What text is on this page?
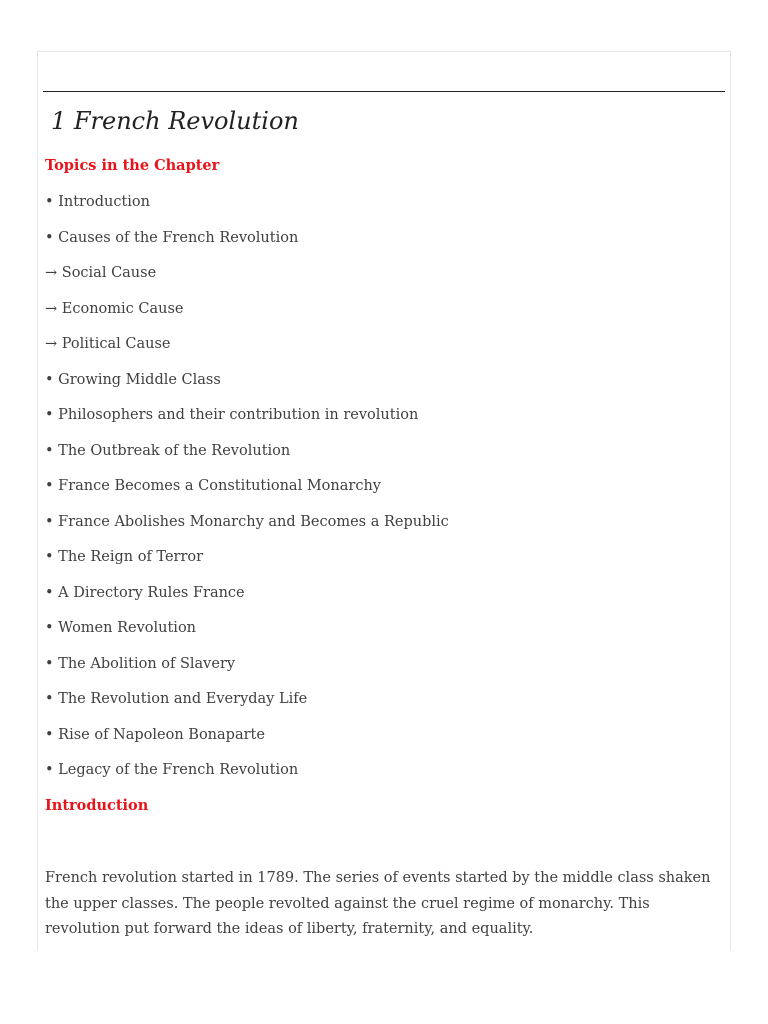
1 French Revolution
Topics in the Chapter
• Introduction
• Causes of the French Revolution
→ Social Cause
→ Economic Cause
→ Political Cause
• Growing Middle Class
• Philosophers and their contribution in revolution
• The Outbreak of the Revolution
• France Becomes a Constitutional Monarchy
• France Abolishes Monarchy and Becomes a Republic
• The Reign of Terror
• A Directory Rules France
• Women Revolution
• The Abolition of Slavery
• The Revolution and Everyday Life
• Rise of Napoleon Bonaparte
• Legacy of the French Revolution
Introduction

French revolution started in 1789. The series of events started by the middle class shaken the upper classes. The people revolted against the cruel regime of monarchy. This revolution put forward the ideas of liberty, fraternity, and equality.
